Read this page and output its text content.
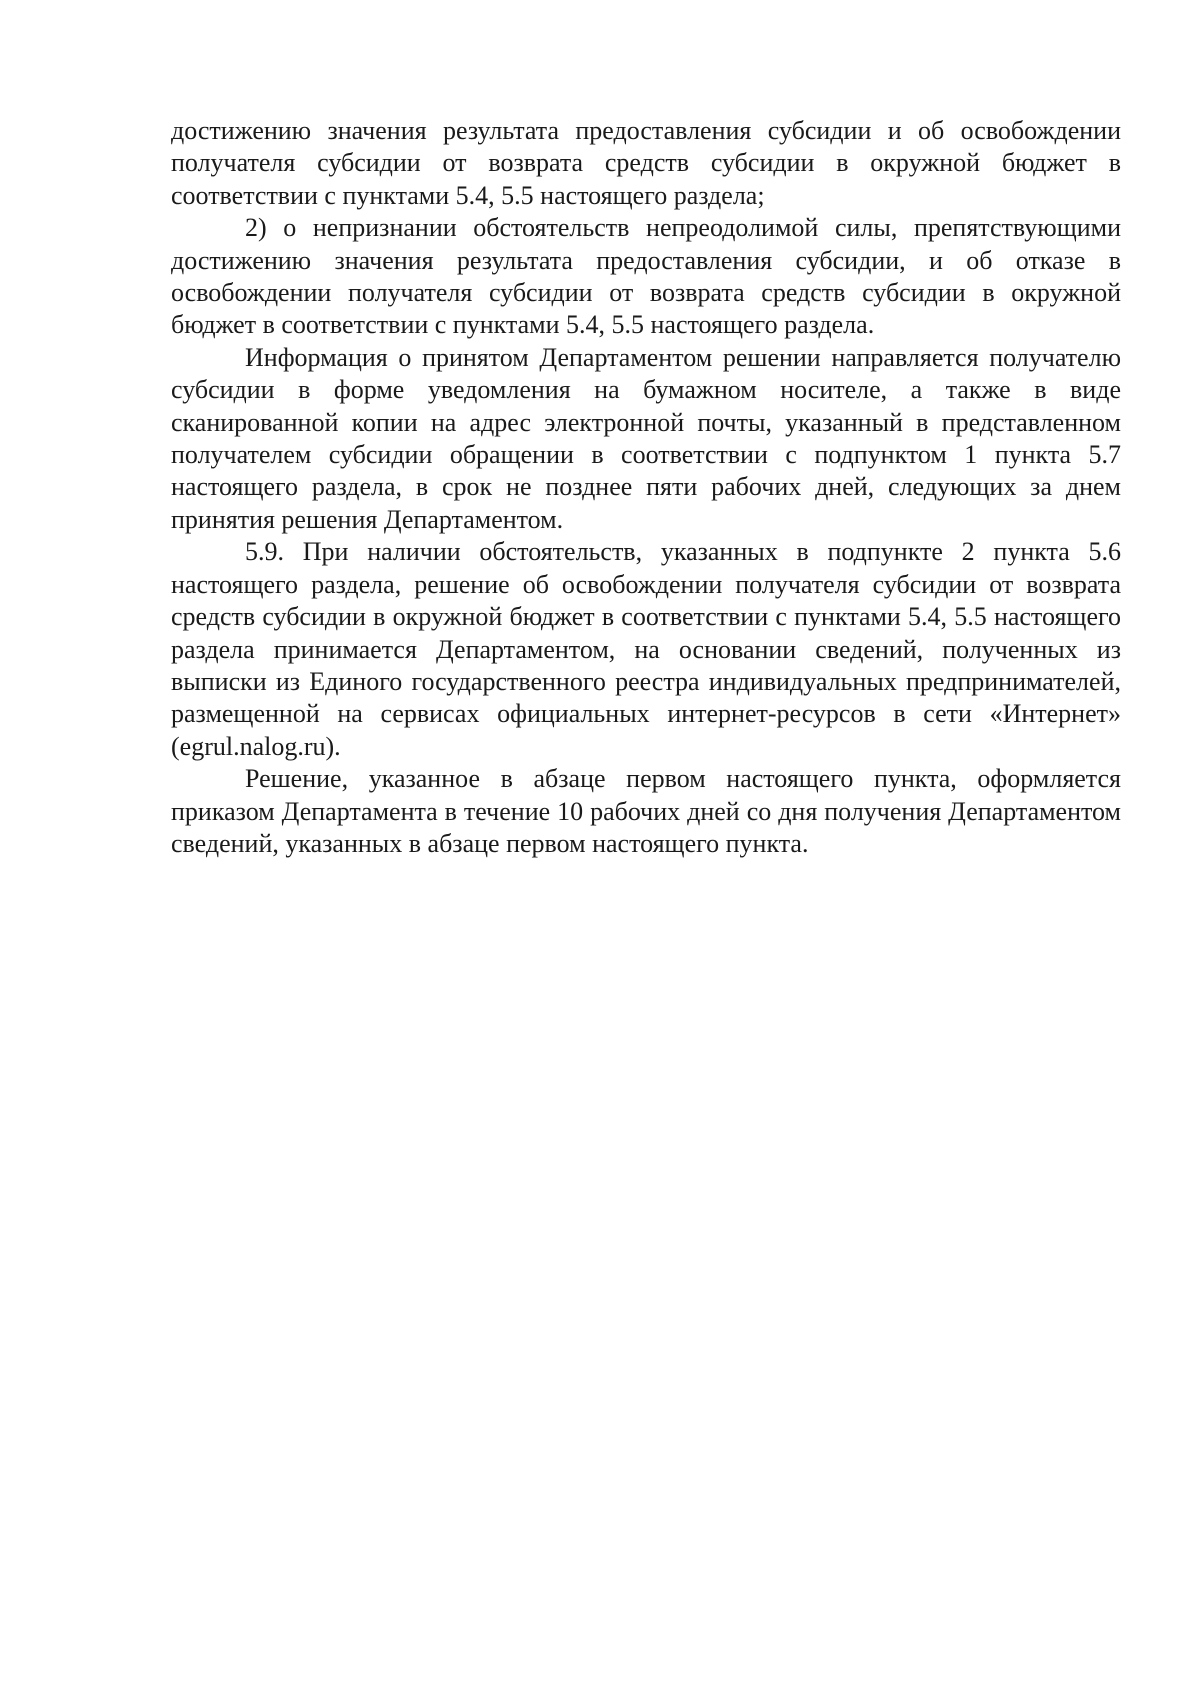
достижению значения результата предоставления субсидии и об освобождении получателя субсидии от возврата средств субсидии в окружной бюджет в соответствии с пунктами 5.4, 5.5 настоящего раздела;

2) о непризнании обстоятельств непреодолимой силы, препятствующими достижению значения результата предоставления субсидии, и об отказе в освобождении получателя субсидии от возврата средств субсидии в окружной бюджет в соответствии с пунктами 5.4, 5.5 настоящего раздела.

Информация о принятом Департаментом решении направляется получателю субсидии в форме уведомления на бумажном носителе, а также в виде сканированной копии на адрес электронной почты, указанный в представленном получателем субсидии обращении в соответствии с подпунктом 1 пункта 5.7 настоящего раздела, в срок не позднее пяти рабочих дней, следующих за днем принятия решения Департаментом.

5.9. При наличии обстоятельств, указанных в подпункте 2 пункта 5.6 настоящего раздела, решение об освобождении получателя субсидии от возврата средств субсидии в окружной бюджет в соответствии с пунктами 5.4, 5.5 настоящего раздела принимается Департаментом, на основании сведений, полученных из выписки из Единого государственного реестра индивидуальных предпринимателей, размещенной на сервисах официальных интернет-ресурсов в сети «Интернет» (egrul.nalog.ru).

Решение, указанное в абзаце первом настоящего пункта, оформляется приказом Департамента в течение 10 рабочих дней со дня получения Департаментом сведений, указанных в абзаце первом настоящего пункта.
